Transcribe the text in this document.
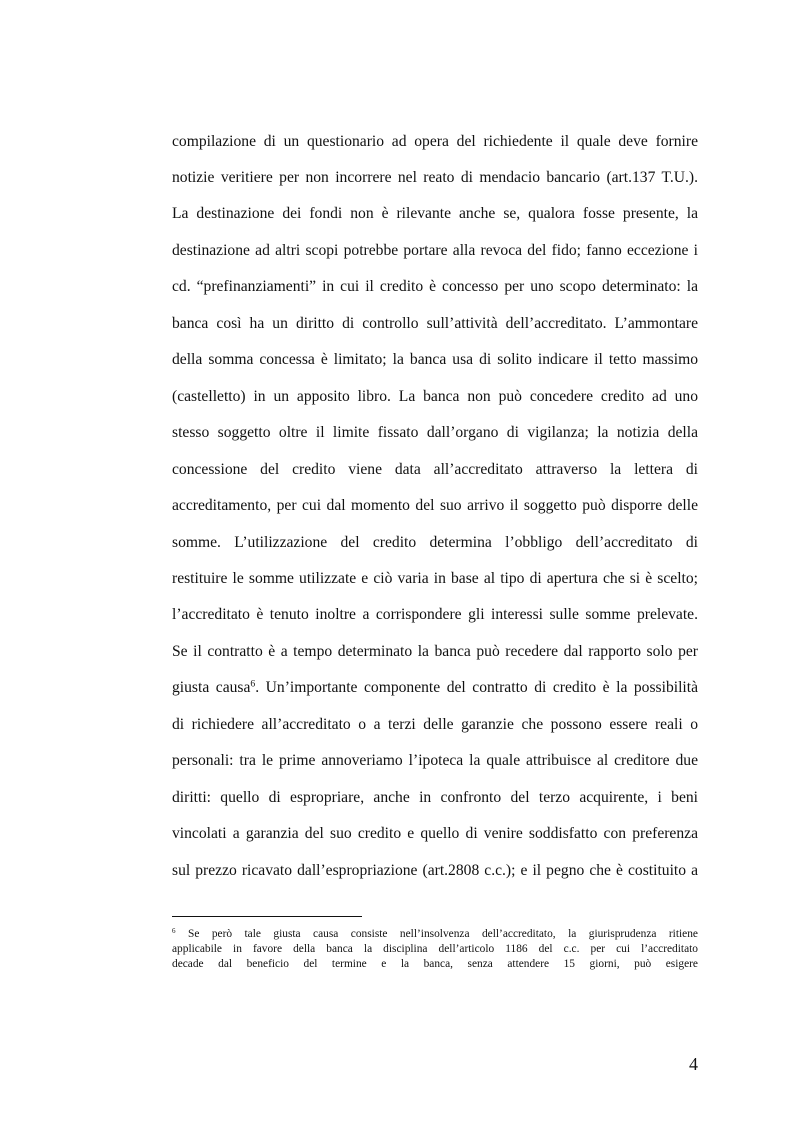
compilazione di un questionario ad opera del richiedente il quale deve fornire
notizie veritiere per non incorrere nel reato di mendacio bancario (art.137 T.U.).
La destinazione dei fondi non è rilevante anche se, qualora fosse presente, la
destinazione ad altri scopi potrebbe portare alla revoca del fido; fanno eccezione i
cd. “prefinanziamenti” in cui il credito è concesso per uno scopo determinato: la
banca così ha un diritto di controllo sull’attività dell’accreditato. L’ammontare
della somma concessa è limitato; la banca usa di solito indicare il tetto massimo
(castelletto) in un apposito libro. La banca non può concedere credito ad uno
stesso soggetto oltre il limite fissato dall’organo di vigilanza; la notizia della
concessione del credito viene data all’accreditato attraverso la lettera di
accreditamento, per cui dal momento del suo arrivo il soggetto può disporre delle
somme. L’utilizzazione del credito determina l’obbligo dell’accreditato di
restituire le somme utilizzate e ciò varia in base al tipo di apertura che si è scelto;
l’accreditato è tenuto inoltre a corrispondere gli interessi sulle somme prelevate.
Se il contratto è a tempo determinato la banca può recedere dal rapporto solo per
giusta causa$^6$. Un’importante componente del contratto di credito è la possibilità
di richiedere all’accreditato o a terzi delle garanzie che possono essere reali o
personali: tra le prime annoveriamo l’ipoteca la quale attribuisce al creditore due
diritti: quello di espropriare, anche in confronto del terzo acquirente, i beni
vincolati a garanzia del suo credito e quello di venire soddisfatto con preferenza
sul prezzo ricavato dall’espropriazione (art.2808 c.c.); e il pegno che è costituito a
$^6$ Se però tale giusta causa consiste nell’insolvenza dell’accreditato, la giurisprudenza ritiene
applicabile in favore della banca la disciplina dell’articolo 1186 del c.c. per cui l’accreditato
decade dal beneficio del termine e la banca, senza attendere 15 giorni, può esigere
4
